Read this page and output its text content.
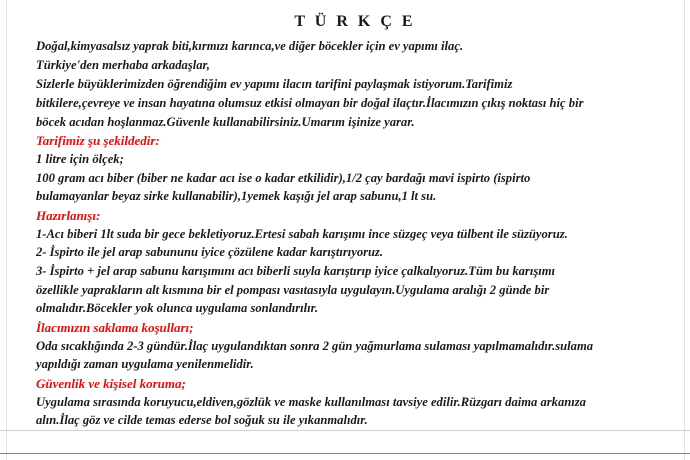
T Ü R K Ç E
Doğal,kimyasalsız yaprak biti,kırmızı karınca,ve diğer böcekler için ev yapımı ilaç.
Türkiye'den merhaba arkadaşlar,
Sizlerle büyüklerimizden öğrendiğim ev yapımı ilacın tarifini paylaşmak istiyorum.Tarifimiz
bitkilere,çevreye ve insan hayatına olumsuz etkisi olmayan bir doğal ilaçtır.İlacımızın çıkış noktası hiç bir
böcek acıdan hoşlanmaz.Güvenle kullanabilirsiniz.Umarım işinize yarar.
Tarifimiz şu şekildedir:
1 litre için ölçek;
100 gram acı biber (biber ne kadar acı ise o kadar etkilidir),1/2 çay bardağı mavi ispirto (ispirto
bulamayanlar beyaz sirke kullanabilir),1yemek kaşığı jel arap sabunu,1 lt su.
Hazırlanışı:
1-Acı biberi 1lt suda bir gece bekletiyoruz.Ertesi sabah karışımı ince süzgeç veya tülbent ile süzüyoruz.
2- İspirto ile jel arap sabununu iyice çözülene kadar karıştırıyoruz.
3- İspirto + jel arap sabunu karışımını acı biberli suyla karıştırıp iyice çalkalıyoruz.Tüm bu karışımı
özellikle yaprakların alt kısmına bir el pompası vasıtasıyla uygulayın.Uygulama aralığı 2 günde bir
olmalıdır.Böcekler yok olunca uygulama sonlandırılır.
İlacımızın saklama koşulları;
Oda sıcaklığında 2-3 gündür.İlaç uygulandıktan sonra 2 gün yağmurlama sulaması yapılmamalıdır.sulama
yapıldığı zaman uygulama yenilenmelidir.
Güvenlik ve kişisel koruma;
Uygulama sırasında koruyucu,eldiven,gözlük ve maske kullanılması tavsiye edilir.Rüzgarı daima arkanıza
alın.İlaç göz ve cilde temas ederse bol soğuk su ile yıkanmalıdır.
